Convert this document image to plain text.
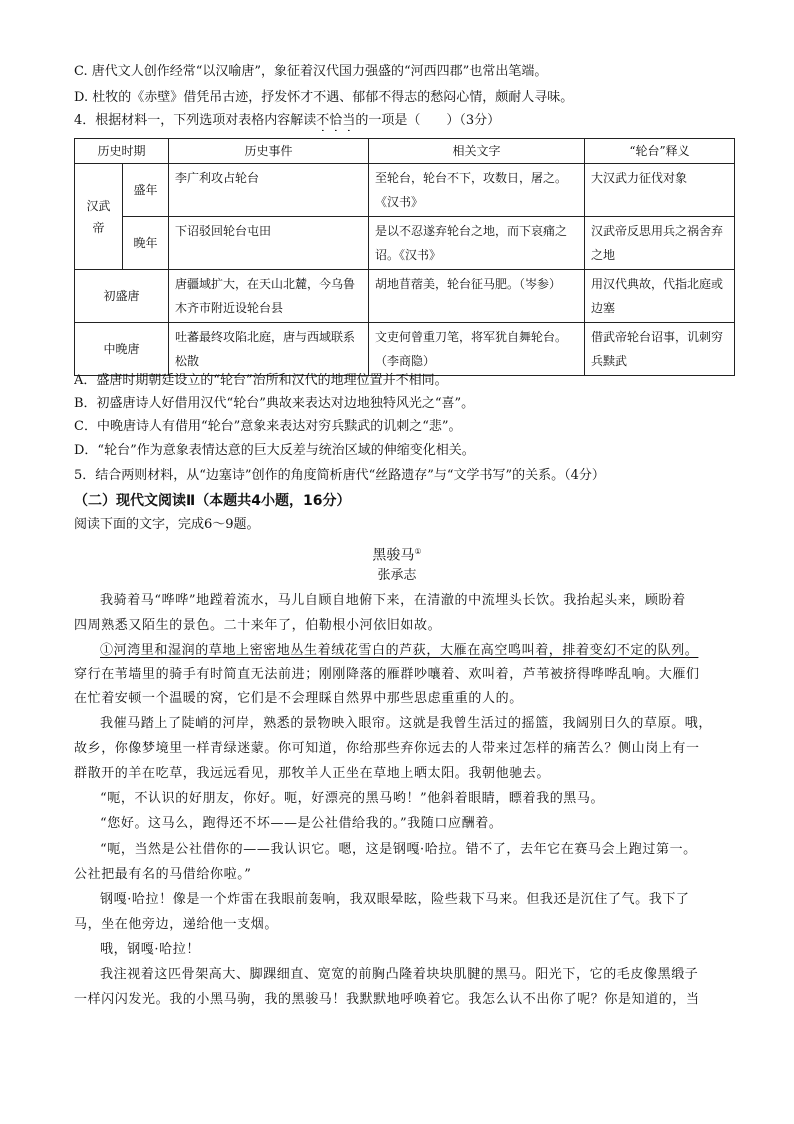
C. 唐代文人创作经常“以汉喻唐”，象征着汉代国力强盛的“河西四郡”也常出笔端。
D. 杜牧的《赤壁》借凭吊古迹，抒发怀才不遇、郁郁不得志的愁闷心情，颇耐人寻味。
4．根据材料一，下列选项对表格内容解读不恰当的一项是（　　）（3分）
历史时期		历史事件	相关文字	“轮台”释义
汉武帝	盛年	李广利攻占轮台	至轮台，轮台不下，攻数日，屠之。《汉书》	大汉武力征伐对象
	晚年	下诏驳回轮台屯田	是以不忍遂弃轮台之地，而下哀痛之诏。《汉书》	汉武帝反思用兵之祸舍弃之地
初盛唐		唐疆域扩大，在天山北麓，今乌鲁木齐市附近设轮台县	胡地苜蓿美，轮台征马肥。（岑参）	用汉代典故，代指北庭或边塞
中晚唐		吐蕃最终攻陷北庭，唐与西域联系松散	文吏何曾重刀笔，将军犹自舞轮台。（李商隐）	借武帝轮台诏事，讥刺穷兵黩武
A．盛唐时期朝廷设立的“轮台”治所和汉代的地理位置并不相同。
B．初盛唐诗人好借用汉代“轮台”典故来表达对边地独特风光之“喜”。
C．中晚唐诗人有借用“轮台”意象来表达对穷兵黩武的讥刺之“悲”。
D．“轮台”作为意象表情达意的巨大反差与统治区域的伸缩变化相关。
5．结合两则材料，从“边塞诗”创作的角度简析唐代“丝路遗存”与“文学书写”的关系。（4分）
（二）现代文阅读Ⅱ（本题共4小题，16分）
阅读下面的文字，完成6～9题。
黑骏马①
张承志
我骑着马“哗哗”地蹚着流水，马儿自顾自地俯下来，在清澈的中流埋头长饮。我抬起头来，顾盼着
四周熟悉又陌生的景色。二十来年了，伯勒根小河依旧如故。
①河湾里和湿润的草地上密密地丛生着绒花雪白的芦荻，大雁在高空鸣叫着，排着变幻不定的队列。
穿行在苇墙里的骑手有时简直无法前进；刚刚降落的雁群吵嚷着、欢叫着，芦苇被挤得哗哗乱响。大雁们
在忙着安顿一个温暖的窝，它们是不会理睬自然界中那些思虑重重的人的。
我催马踏上了陡峭的河岸，熟悉的景物映入眼帘。这就是我曾生活过的摇篮，我阔别日久的草原。哦，
故乡，你像梦境里一样青绿迷蒙。你可知道，你给那些弃你远去的人带来过怎样的痛苦么？侧山岗上有一
群散开的羊在吃草，我远远看见，那牧羊人正坐在草地上晒太阳。我朝他驰去。
“呃，不认识的好朋友，你好。呃，好漂亮的黑马哟！”他斜着眼睛，瞟着我的黑马。
“您好。这马么，跑得还不坏——是公社借给我的。”我随口应酬着。
“呃，当然是公社借你的——我认识它。嗯，这是钢嘎·哈拉。错不了，去年它在赛马会上跑过第一。
公社把最有名的马借给你啦。”
钢嘎·哈拉！像是一个炸雷在我眼前轰响，我双眼晕眩，险些栽下马来。但我还是沉住了气。我下了
马，坐在他旁边，递给他一支烟。
哦，钢嘎·哈拉！
我注视着这匹骨架高大、脚踝细直、宽宽的前胸凸隆着块块肌腱的黑马。阳光下，它的毛皮像黑缎子
一样闪闪发光。我的小黑马驹，我的黑骏马！我默默地呼唤着它。我怎么认不出你了呢？你是知道的，当
